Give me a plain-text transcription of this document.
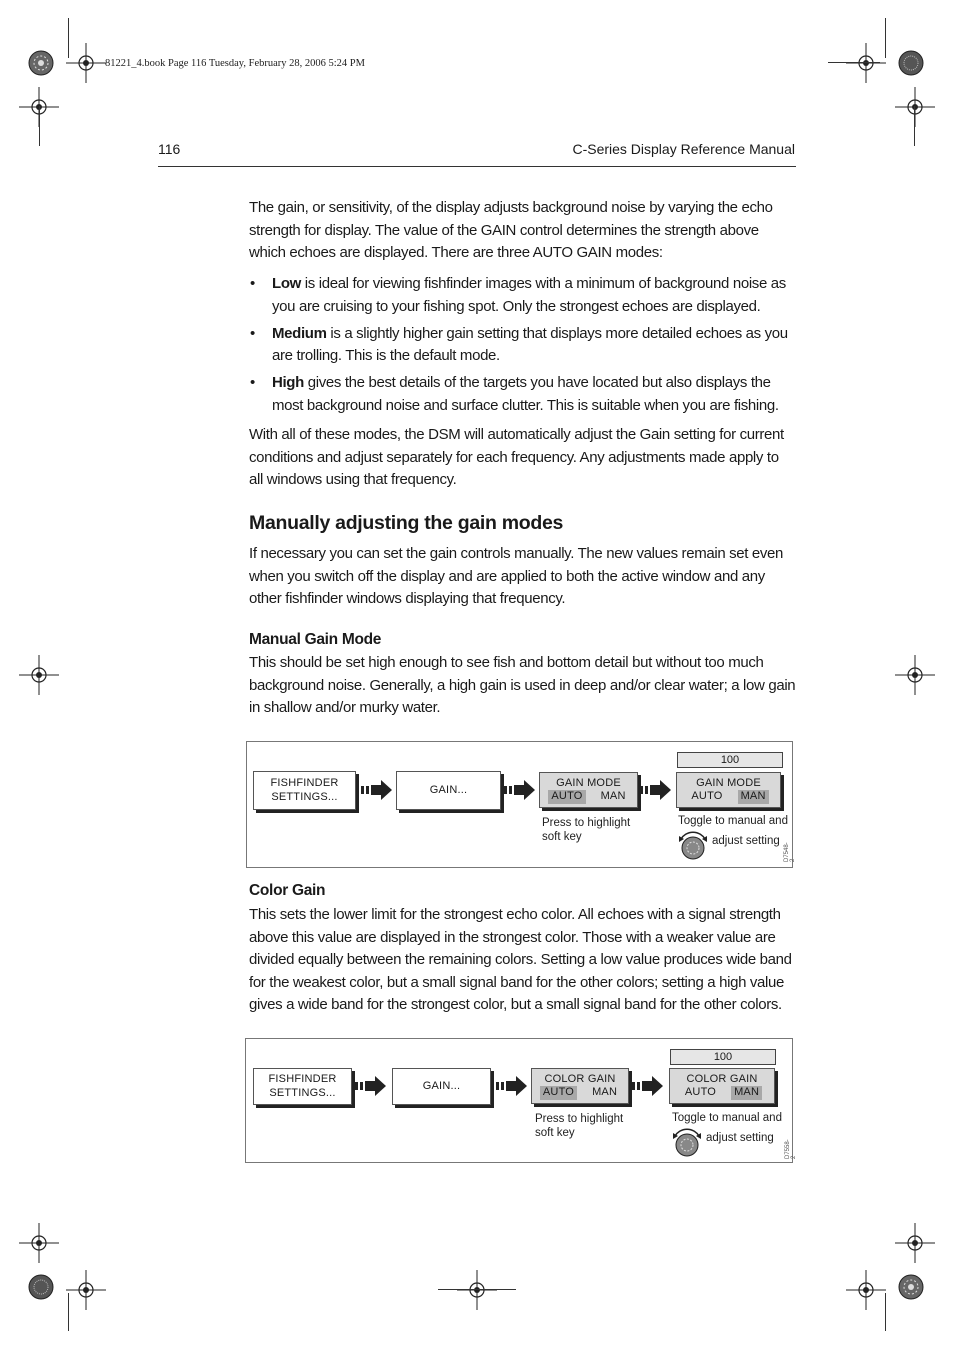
81221_4.book Page 116 Tuesday, February 28, 2006 5:24 PM
116	C-Series Display Reference Manual

The gain, or sensitivity, of the display adjusts background noise by varying the echo strength for display. The value of the GAIN control determines the strength above which echoes are displayed. There are three AUTO GAIN modes:

• Low is ideal for viewing fishfinder images with a minimum of background noise as you are cruising to your fishing spot. Only the strongest echoes are displayed.
• Medium is a slightly higher gain setting that displays more detailed echoes as you are trolling. This is the default mode.
• High gives the best details of the targets you have located but also displays the most background noise and surface clutter. This is suitable when you are fishing.

With all of these modes, the DSM will automatically adjust the Gain setting for current conditions and adjust separately for each frequency. Any adjustments made apply to all windows using that frequency.

Manually adjusting the gain modes

If necessary you can set the gain controls manually. The new values remain set even when you switch off the display and are applied to both the active window and any other fishfinder windows displaying that frequency.

Manual Gain Mode

This should be set high enough to see fish and bottom detail but without too much background noise. Generally, a high gain is used in deep and/or clear water; a low gain in shallow and/or murky water.

FISHFINDER
SETTINGS...
GAIN...
GAIN MODE
AUTO MAN
100
GAIN MODE
AUTO MAN
Press to highlight
soft key
Toggle to manual and
adjust setting
D7548-2
Color Gain

This sets the lower limit for the strongest echo color. All echoes with a signal strength above this value are displayed in the strongest color. Those with a weaker value are divided equally between the remaining colors. Setting a low value produces wide band for the weakest color, but a small signal band for the other colors; setting a high value gives a wide band for the strongest color, but a small signal band for the other colors.

FISHFINDER
SETTINGS...
GAIN...
COLOR GAIN
AUTO MAN
100
COLOR GAIN
AUTO MAN
Press to highlight
soft key
Toggle to manual and
adjust setting
D7558-2
